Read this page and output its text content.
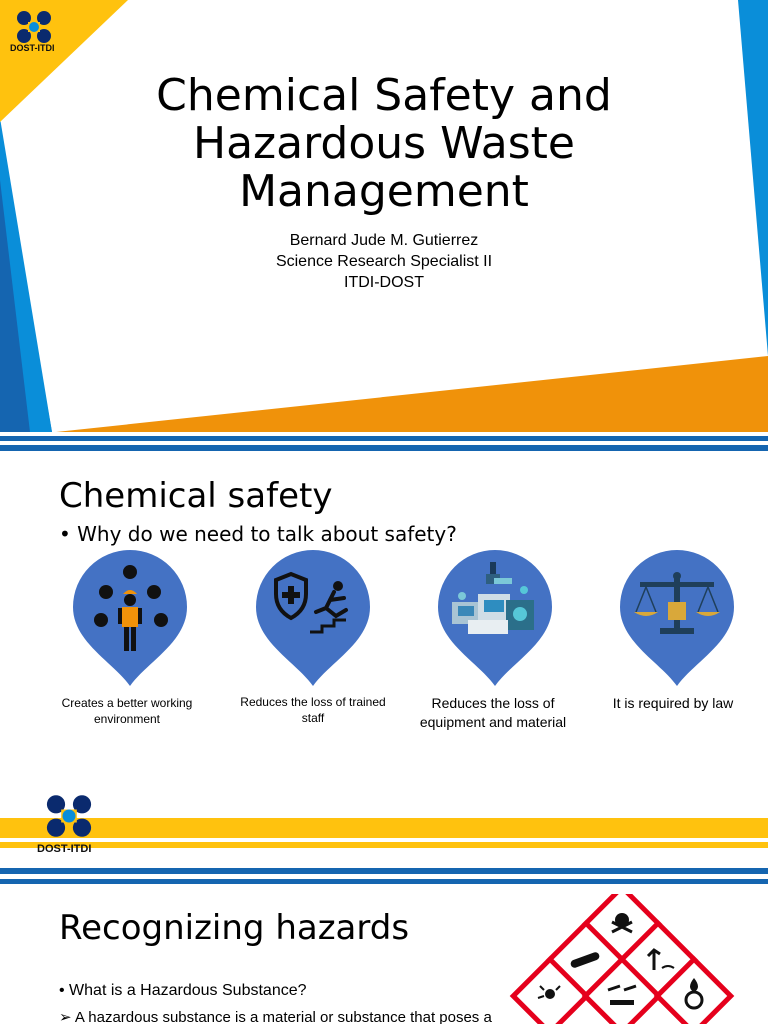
DOST-ITDI
Chemical Safety and
Hazardous Waste
Management
Bernard Jude M. Gutierrez
Science Research Specialist II
ITDI-DOST
Chemical safety
• Why do we need to talk about safety?
Creates a better working environment
Reduces the loss of trained staff
Reduces the loss of equipment and material
It is required by law
DOST-ITDI
Recognizing hazards
• What is a Hazardous Substance?
➢ A hazardous substance is a material or substance that poses a
